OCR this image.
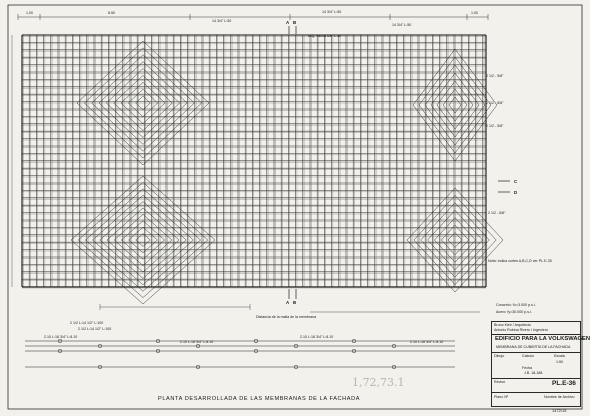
1.00	8.50
14 3/4" L:50
14 3/4" L:50
14 3/4" L:50
1.00
A B
A B
C
D
Ang. varilla 3/8" L:10
2 1/2 - 5/8"
2 1/2 - 5/8"
2 1/2 - 5/8"
2 1/2 - 5/8"
Nota: Indica cortes A,B,C,D ver PL.E-35
Distancia de la malla de la membrana
2 1/2 L:14 1/2" L:100
2 1/2 L:14 1/2" L:100
Concreto: f'c=3.000 p.s.i.
Acero: fy=30.000 p.s.i.
2.10 L:18 3/4" L:8.10
2.10 L:18 3/4" L:8.10
2.10 L:18 3/4" L:8.10
2.10 L:18 3/4" L:8.10
1,72,73.1
PLANTA DESARROLLADA DE LAS MEMBRANAS DE LA FACHADA
1472/15
Bruno Kleir / Arquitecto
Antonio Rubina Rivero / Ingeniero
EDIFICIO PARA LA VOLKSWAGEN
MEMBRANA DE CUBIERTA DE LA FACHADA
Dibujo	Calculo	Escala
1:50
Fecha
J.B. 18-188
Revisó	PL.E-36
Plano Nº	Nombre de Archivo
